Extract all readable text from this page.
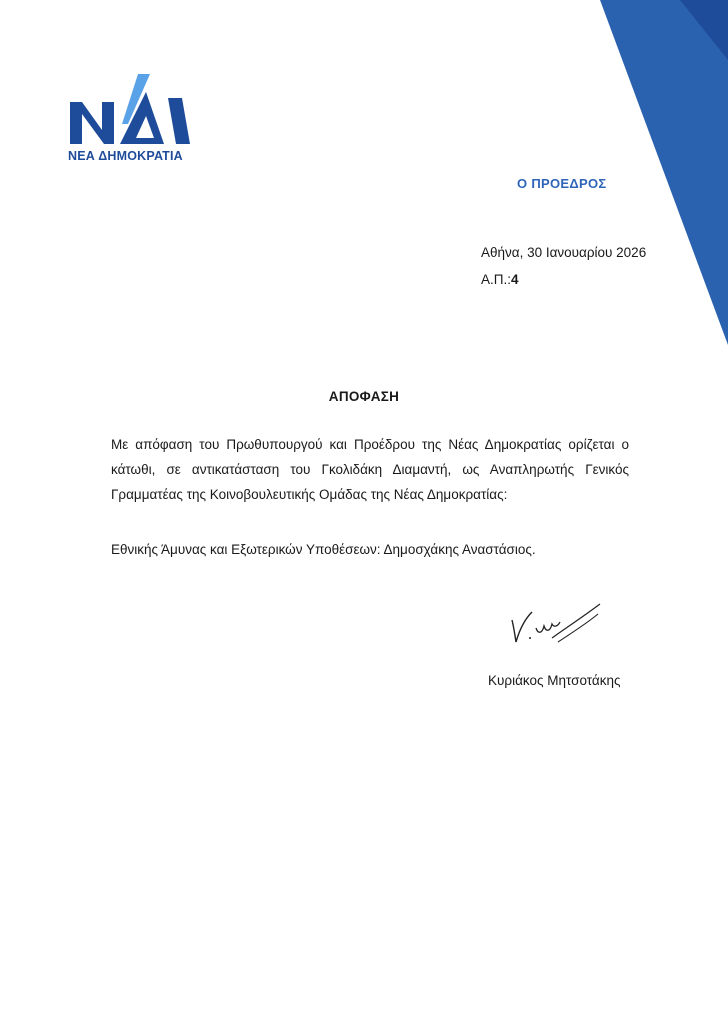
ΝΕΑ ΔΗΜΟΚΡΑΤΙΑ
Ο ΠΡΟΕΔΡΟΣ
Αθήνα, 30 Ιανουαρίου 2026
Α.Π.:4
ΑΠΟΦΑΣΗ
Με απόφαση του Πρωθυπουργού και Προέδρου της Νέας Δημοκρατίας ορίζεται ο κάτωθι, σε αντικατάσταση του Γκολιδάκη Διαμαντή, ως Αναπληρωτής Γενικός Γραμματέας της Κοινοβουλευτικής Ομάδας της Νέας Δημοκρατίας:
Εθνικής Άμυνας και Εξωτερικών Υποθέσεων: Δημοσχάκης Αναστάσιος.
Κυριάκος Μητσοτάκης
